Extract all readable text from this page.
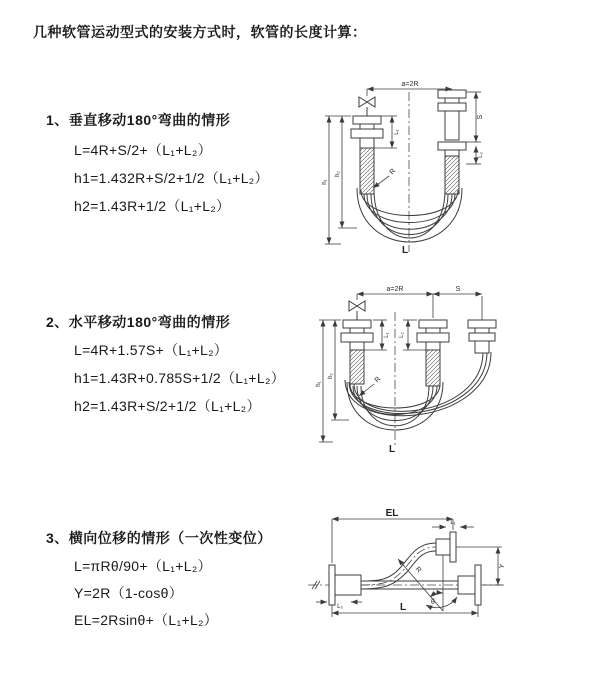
几种软管运动型式的安装方式时，软管的长度计算：
1、垂直移动180°弯曲的情形
L=4R+S/2+（L₁+L₂）
h1=1.432R+S/2+1/2（L₁+L₂）
h2=1.43R+1/2（L₁+L₂）
a=2R
S
L₂
L₁
h₁
h₂	R
L
2、水平移动180°弯曲的情形
L=4R+1.57S+（L₁+L₂）
h1=1.43R+0.785S+1/2（L₁+L₂）
h2=1.43R+S/2+1/2（L₁+L₂）
a=2R	S
L₁ L₂
h₁
h₂	R
L
3、横向位移的情形（一次性变位）
L=πRθ/90+（L₁+L₂）
Y=2R（1-cosθ）
EL=2Rsinθ+（L₁+L₂）
EL
L₁
Y
R
θ
L
L₂
